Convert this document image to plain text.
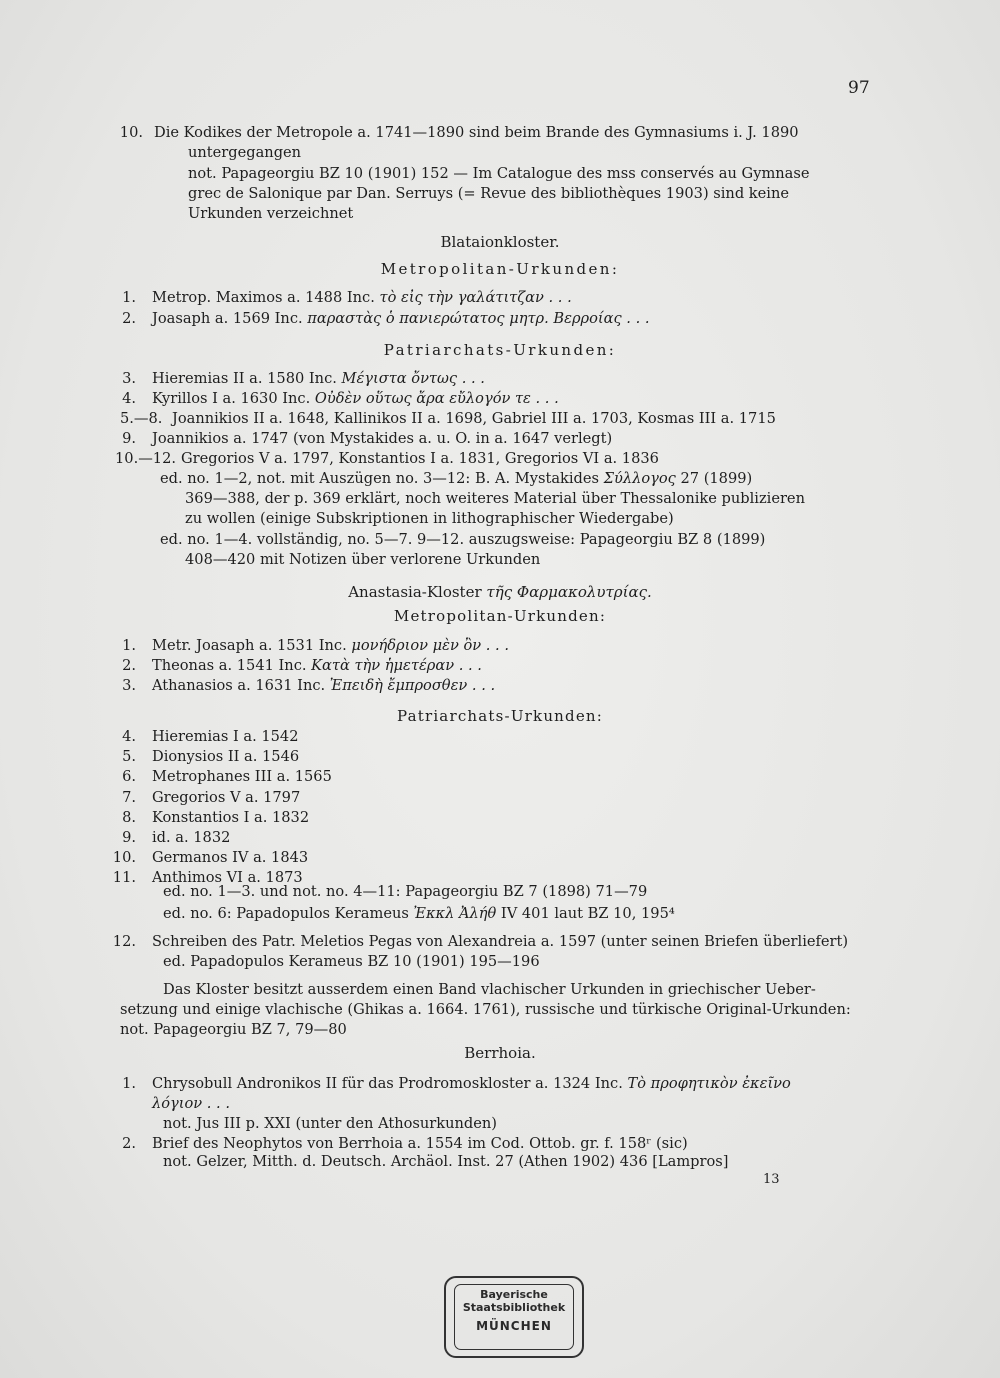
97
10. Die Kodikes der Metropole a. 1741—1890 sind beim Brande des Gymnasiums i. J. 1890
untergegangen
not. Papageorgiu BZ 10 (1901) 152 — Im Catalogue des mss conservés au Gymnase
grec de Salonique par Dan. Serruys (= Revue des bibliothèques 1903) sind keine
Urkunden verzeichnet
Blataionkloster.
Metropolitan-Urkunden:
1. Metrop. Maximos a. 1488 Inc. τὸ εἰς τὴν γαλάτιτζαν . . .
2. Joasaph a. 1569 Inc. παραστὰς ὁ πανιερώτατος μητρ. Βερροίας . . .
Patriarchats-Urkunden:
3. Hieremias II a. 1580 Inc. Μέγιστα ὄντως . . .
4. Kyrillos I a. 1630 Inc. Οὐδὲν οὕτως ἄρα εὔλογόν τε . . .
5.—8. Joannikios II a. 1648, Kallinikos II a. 1698, Gabriel III a. 1703, Kosmas III a. 1715
9. Joannikios a. 1747 (von Mystakides a. u. O. in a. 1647 verlegt)
10.—12. Gregorios V a. 1797, Konstantios I a. 1831, Gregorios VI a. 1836
ed. no. 1—2, not. mit Auszügen no. 3—12: B. A. Mystakides Σύλλογος 27 (1899)
369—388, der p. 369 erklärt, noch weiteres Material über Thessalonike publizieren
zu wollen (einige Subskriptionen in lithographischer Wiedergabe)
ed. no. 1—4. vollständig, no. 5—7. 9—12. auszugsweise: Papageorgiu BZ 8 (1899)
408—420 mit Notizen über verlorene Urkunden
Anastasia-Kloster τῆς Φαρμακολυτρίας.
Metropolitan-Urkunden:
1. Metr. Joasaph a. 1531 Inc. μονήδριον μὲν ὂν . . .
2. Theonas a. 1541 Inc. Κατὰ τὴν ἡμετέραν . . .
3. Athanasios a. 1631 Inc. Ἐπειδὴ ἔμπροσθεν . . .
Patriarchats-Urkunden:
4. Hieremias I a. 1542
5. Dionysios II a. 1546
6. Metrophanes III a. 1565
7. Gregorios V a. 1797
8. Konstantios I a. 1832
9. id. a. 1832
10. Germanos IV a. 1843
11. Anthimos VI a. 1873
ed. no. 1—3. und not. no. 4—11: Papageorgiu BZ 7 (1898) 71—79
ed. no. 6: Papadopulos Kerameus Ἐκκλ Ἀλήθ IV 401 laut BZ 10, 195⁴
12. Schreiben des Patr. Meletios Pegas von Alexandreia a. 1597 (unter seinen Briefen überliefert)
ed. Papadopulos Kerameus BZ 10 (1901) 195—196
Das Kloster besitzt ausserdem einen Band vlachischer Urkunden in griechischer Ueber-
setzung und einige vlachische (Ghikas a. 1664. 1761), russische und türkische Original-Urkunden:
not. Papageorgiu BZ 7, 79—80
Berrhoia.
1. Chrysobull Andronikos II für das Prodromoskloster a. 1324 Inc. Τὸ προφητικὸν ἐκεῖνο
λόγιον . . .
not. Jus III p. XXI (unter den Athosurkunden)
2. Brief des Neophytos von Berrhoia a. 1554 im Cod. Ottob. gr. f. 158ʳ (sic)
not. Gelzer, Mitth. d. Deutsch. Archäol. Inst. 27 (Athen 1902) 436 [Lampros]
13
Bayerische
Staatsbibliothek
MÜNCHEN
